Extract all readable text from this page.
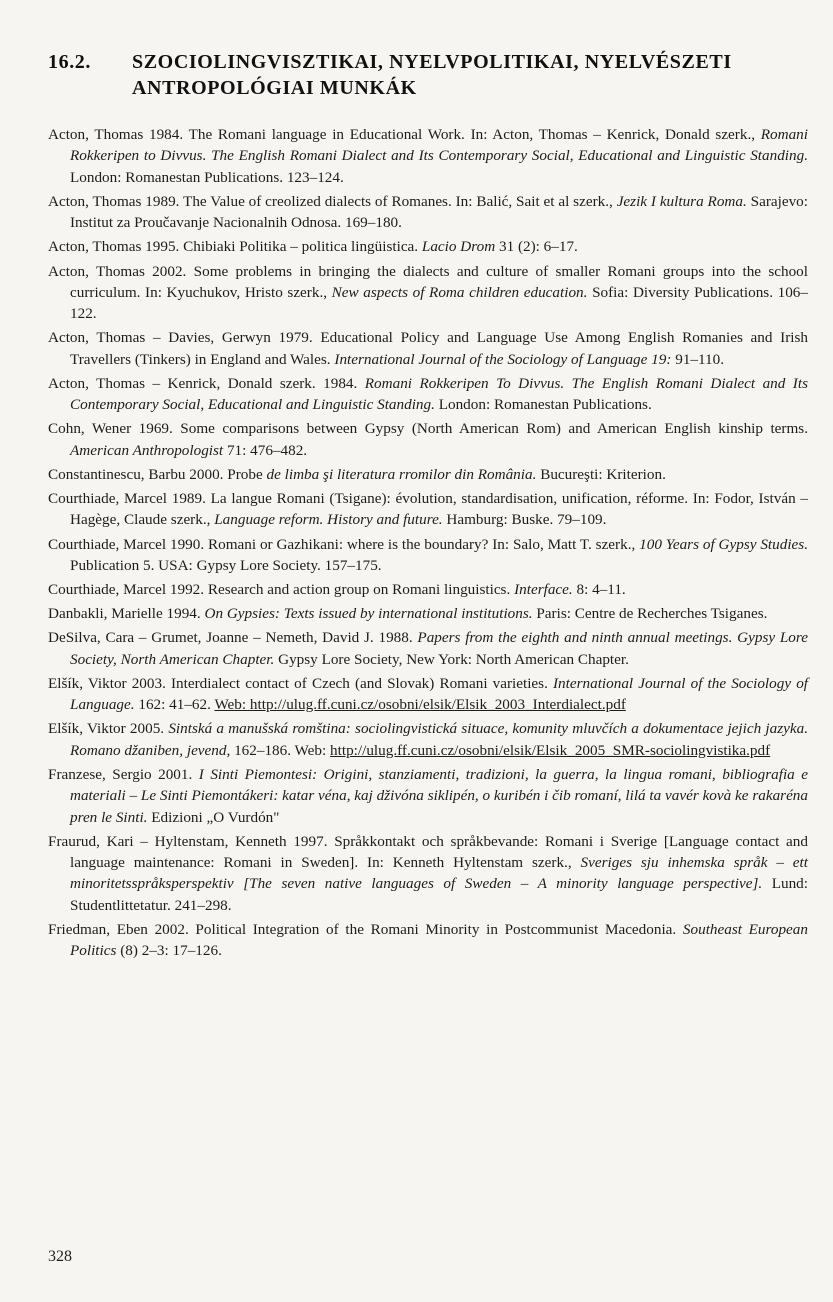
16.2. SZOCIOLINGVISZTIKAI, NYELVPOLITIKAI, NYELVÉSZETI
ANTROPOLÓGIAI MUNKÁK

Acton, Thomas 1984. The Romani language in Educational Work. In: Acton, Thomas – Kenrick, Donald szerk., Romani Rokkeripen to Divvus. The English Romani Dialect and Its Contemporary Social, Educational and Linguistic Standing. London: Romanestan Publications. 123–124.

Acton, Thomas 1989. The Value of creolized dialects of Romanes. In: Balić, Sait et al szerk., Jezik I kultura Roma. Sarajevo: Institut za Proučavanje Nacionalnih Odnosa. 169–180.

Acton, Thomas 1995. Chibiaki Politika – politica lingüistica. Lacio Drom 31 (2): 6–17.

Acton, Thomas 2002. Some problems in bringing the dialects and culture of smaller Romani groups into the school curriculum. In: Kyuchukov, Hristo szerk., New aspects of Roma children education. Sofia: Diversity Publications. 106–122.

Acton, Thomas – Davies, Gerwyn 1979. Educational Policy and Language Use Among English Romanies and Irish Travellers (Tinkers) in England and Wales. International Journal of the Sociology of Language 19: 91–110.

Acton, Thomas – Kenrick, Donald szerk. 1984. Romani Rokkeripen To Divvus. The English Romani Dialect and Its Contemporary Social, Educational and Linguistic Standing. London: Romanestan Publications.

Cohn, Wener 1969. Some comparisons between Gypsy (North American Rom) and American English kinship terms. American Anthropologist 71: 476–482.

Constantinescu, Barbu 2000. Probe de limba şi literatura rromilor din România. Bucureşti: Kriterion.

Courthiade, Marcel 1989. La langue Romani (Tsigane): évolution, standardisation, unification, réforme. In: Fodor, István – Hagège, Claude szerk., Language reform. History and future. Hamburg: Buske. 79–109.

Courthiade, Marcel 1990. Romani or Gazhikani: where is the boundary? In: Salo, Matt T. szerk., 100 Years of Gypsy Studies. Publication 5. USA: Gypsy Lore Society. 157–175.

Courthiade, Marcel 1992. Research and action group on Romani linguistics. Interface. 8: 4–11.

Danbakli, Marielle 1994. On Gypsies: Texts issued by international institutions. Paris: Centre de Recherches Tsiganes.

DeSilva, Cara – Grumet, Joanne – Nemeth, David J. 1988. Papers from the eighth and ninth annual meetings. Gypsy Lore Society, North American Chapter. Gypsy Lore Society, New York: North American Chapter.

Elšík, Viktor 2003. Interdialect contact of Czech (and Slovak) Romani varieties. International Journal of the Sociology of Language. 162: 41–62. Web: http://ulug.ff.cuni.cz/osobni/elsik/Elsik_2003_Interdialect.pdf

Elšík, Viktor 2005. Sintská a manušská romština: sociolingvistická situace, komunity mluvčích a dokumentace jejich jazyka. Romano džaniben, jevend, 162–186. Web: http://ulug.ff.cuni.cz/osobni/elsik/Elsik_2005_SMR-sociolingvistika.pdf

Franzese, Sergio 2001. I Sinti Piemontesi: Origini, stanziamenti, tradizioni, la guerra, la lingua romani, bibliografia e materiali – Le Sinti Piemontákeri: katar véna, kaj dživóna siklipén, o kuribén i čib romaní, lilá ta vavér kovà ke rakaréna pren le Sinti. Edizioni „O Vurdón"

Fraurud, Kari – Hyltenstam, Kenneth 1997. Språkkontakt och språkbevande: Romani i Sverige [Language contact and language maintenance: Romani in Sweden]. In: Kenneth Hyltenstam szerk., Sveriges sju inhemska språk – ett minoritetsspråksperspektiv [The seven native languages of Sweden – A minority language perspective]. Lund: Studentlittetatur. 241–298.

Friedman, Eben 2002. Political Integration of the Romani Minority in Postcommunist Macedonia. Southeast European Politics (8) 2–3: 17–126.

328
